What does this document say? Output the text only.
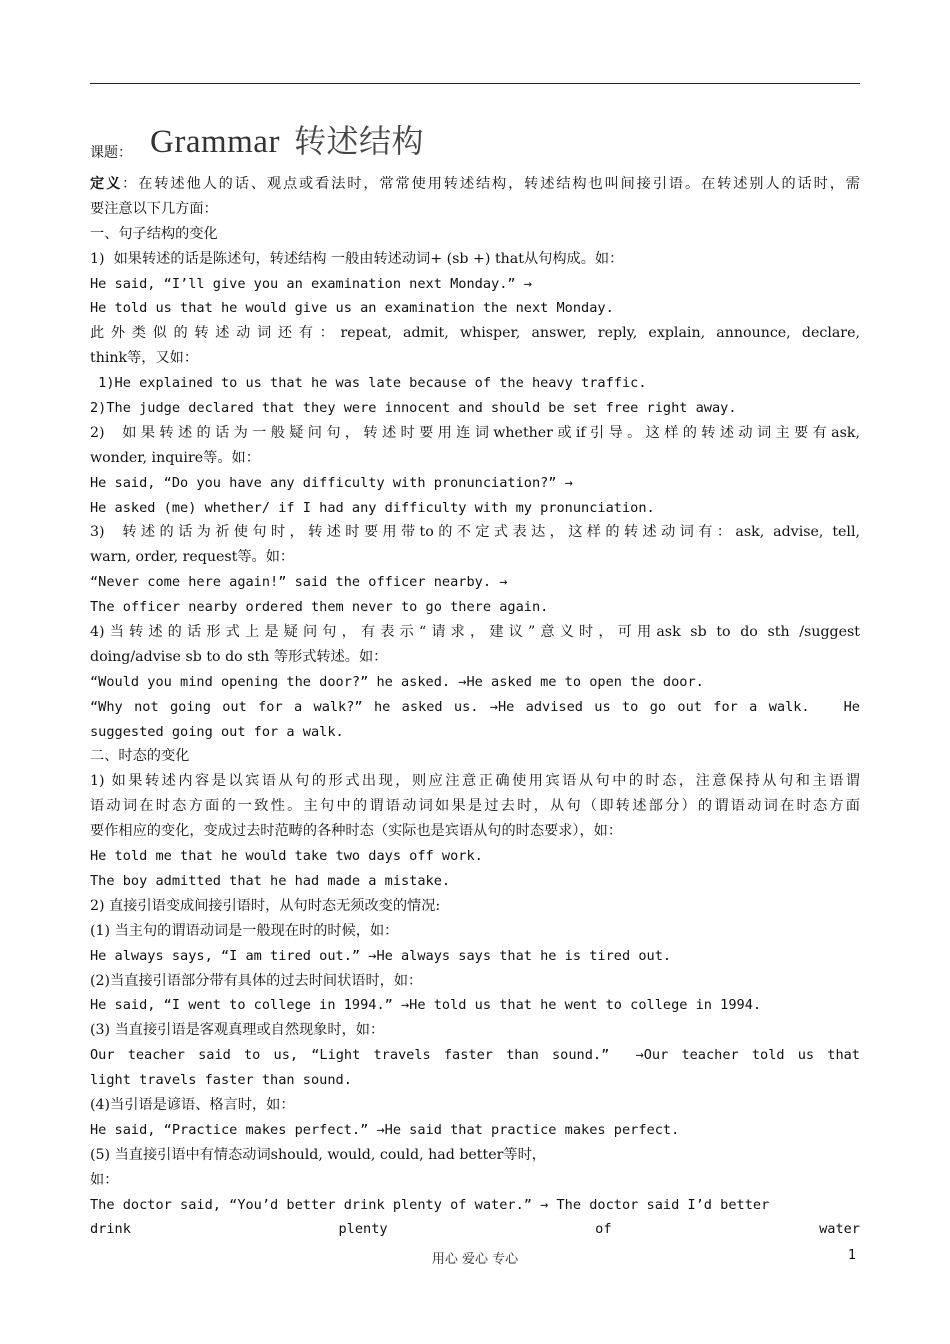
课题： Grammar 转述结构
定义：在转述他人的话、观点或看法时，常常使用转述结构，转述结构也叫间接引语。在转述别人的话时，需
要注意以下几方面：
一、句子结构的变化
1)  如果转述的话是陈述句，转述结构 一般由转述动词+ (sb +) that从句构成。如：
He said, “I’ll give you an examination next Monday.” →
He told us that he would give us an examination the next Monday.
此外类似的转述动词还有：repeat, admit, whisper, answer, reply, explain, announce, declare,
think等，又如：
1)He explained to us that he was late because of the heavy traffic.
2)The judge declared that they were innocent and should be set free right away.
2)  如果转述的话为一般疑问句，转述时要用连词whether或if引导。这样的转述动词主要有ask,
wonder, inquire等。如：
He said, “Do you have any difficulty with pronunciation?” →
He asked (me) whether/ if I had any difficulty with my pronunciation.
3)  转述的话为祈使句时，转述时要用带to的不定式表达，这样的转述动词有：ask, advise, tell,
warn, order, request等。如：
“Never come here again!” said the officer nearby. →
The officer nearby ordered them never to go there again.
4)当转述的话形式上是疑问句，有表示“请求，建议”意义时，可用ask sb to do sth /suggest
doing/advise sb to do sth 等形式转述。如：
“Would you mind opening the door?” he asked. →He asked me to open the door.
“Why not going out for a walk?” he asked us. →He advised us to go out for a walk.   He
suggested going out for a walk.
二、时态的变化
1) 如果转述内容是以宾语从句的形式出现，则应注意正确使用宾语从句中的时态，注意保持从句和主语谓
语动词在时态方面的一致性。主句中的谓语动词如果是过去时，从句（即转述部分）的谓语动词在时态方面
要作相应的变化，变成过去时范畴的各种时态（实际也是宾语从句的时态要求），如：
He told me that he would take two days off work.
The boy admitted that he had made a mistake.
2) 直接引语变成间接引语时，从句时态无须改变的情况:
(1) 当主句的谓语动词是一般现在时的时候，如：
He always says, “I am tired out.” →He always says that he is tired out.
(2)当直接引语部分带有具体的过去时间状语时，如：
He said, “I went to college in 1994.” →He told us that he went to college in 1994.
(3) 当直接引语是客观真理或自然现象时，如：
Our teacher said to us, “Light travels faster than sound.”  →Our teacher told us that
light travels faster than sound.
(4)当引语是谚语、格言时，如：
He said, “Practice makes perfect.” →He said that practice makes perfect.
(5) 当直接引语中有情态动词should, would, could, had better等时，
如：
The doctor said, “You’d better drink plenty of water.” → The doctor said I’d better
drink plenty of water
用心 爱心 专心	1
